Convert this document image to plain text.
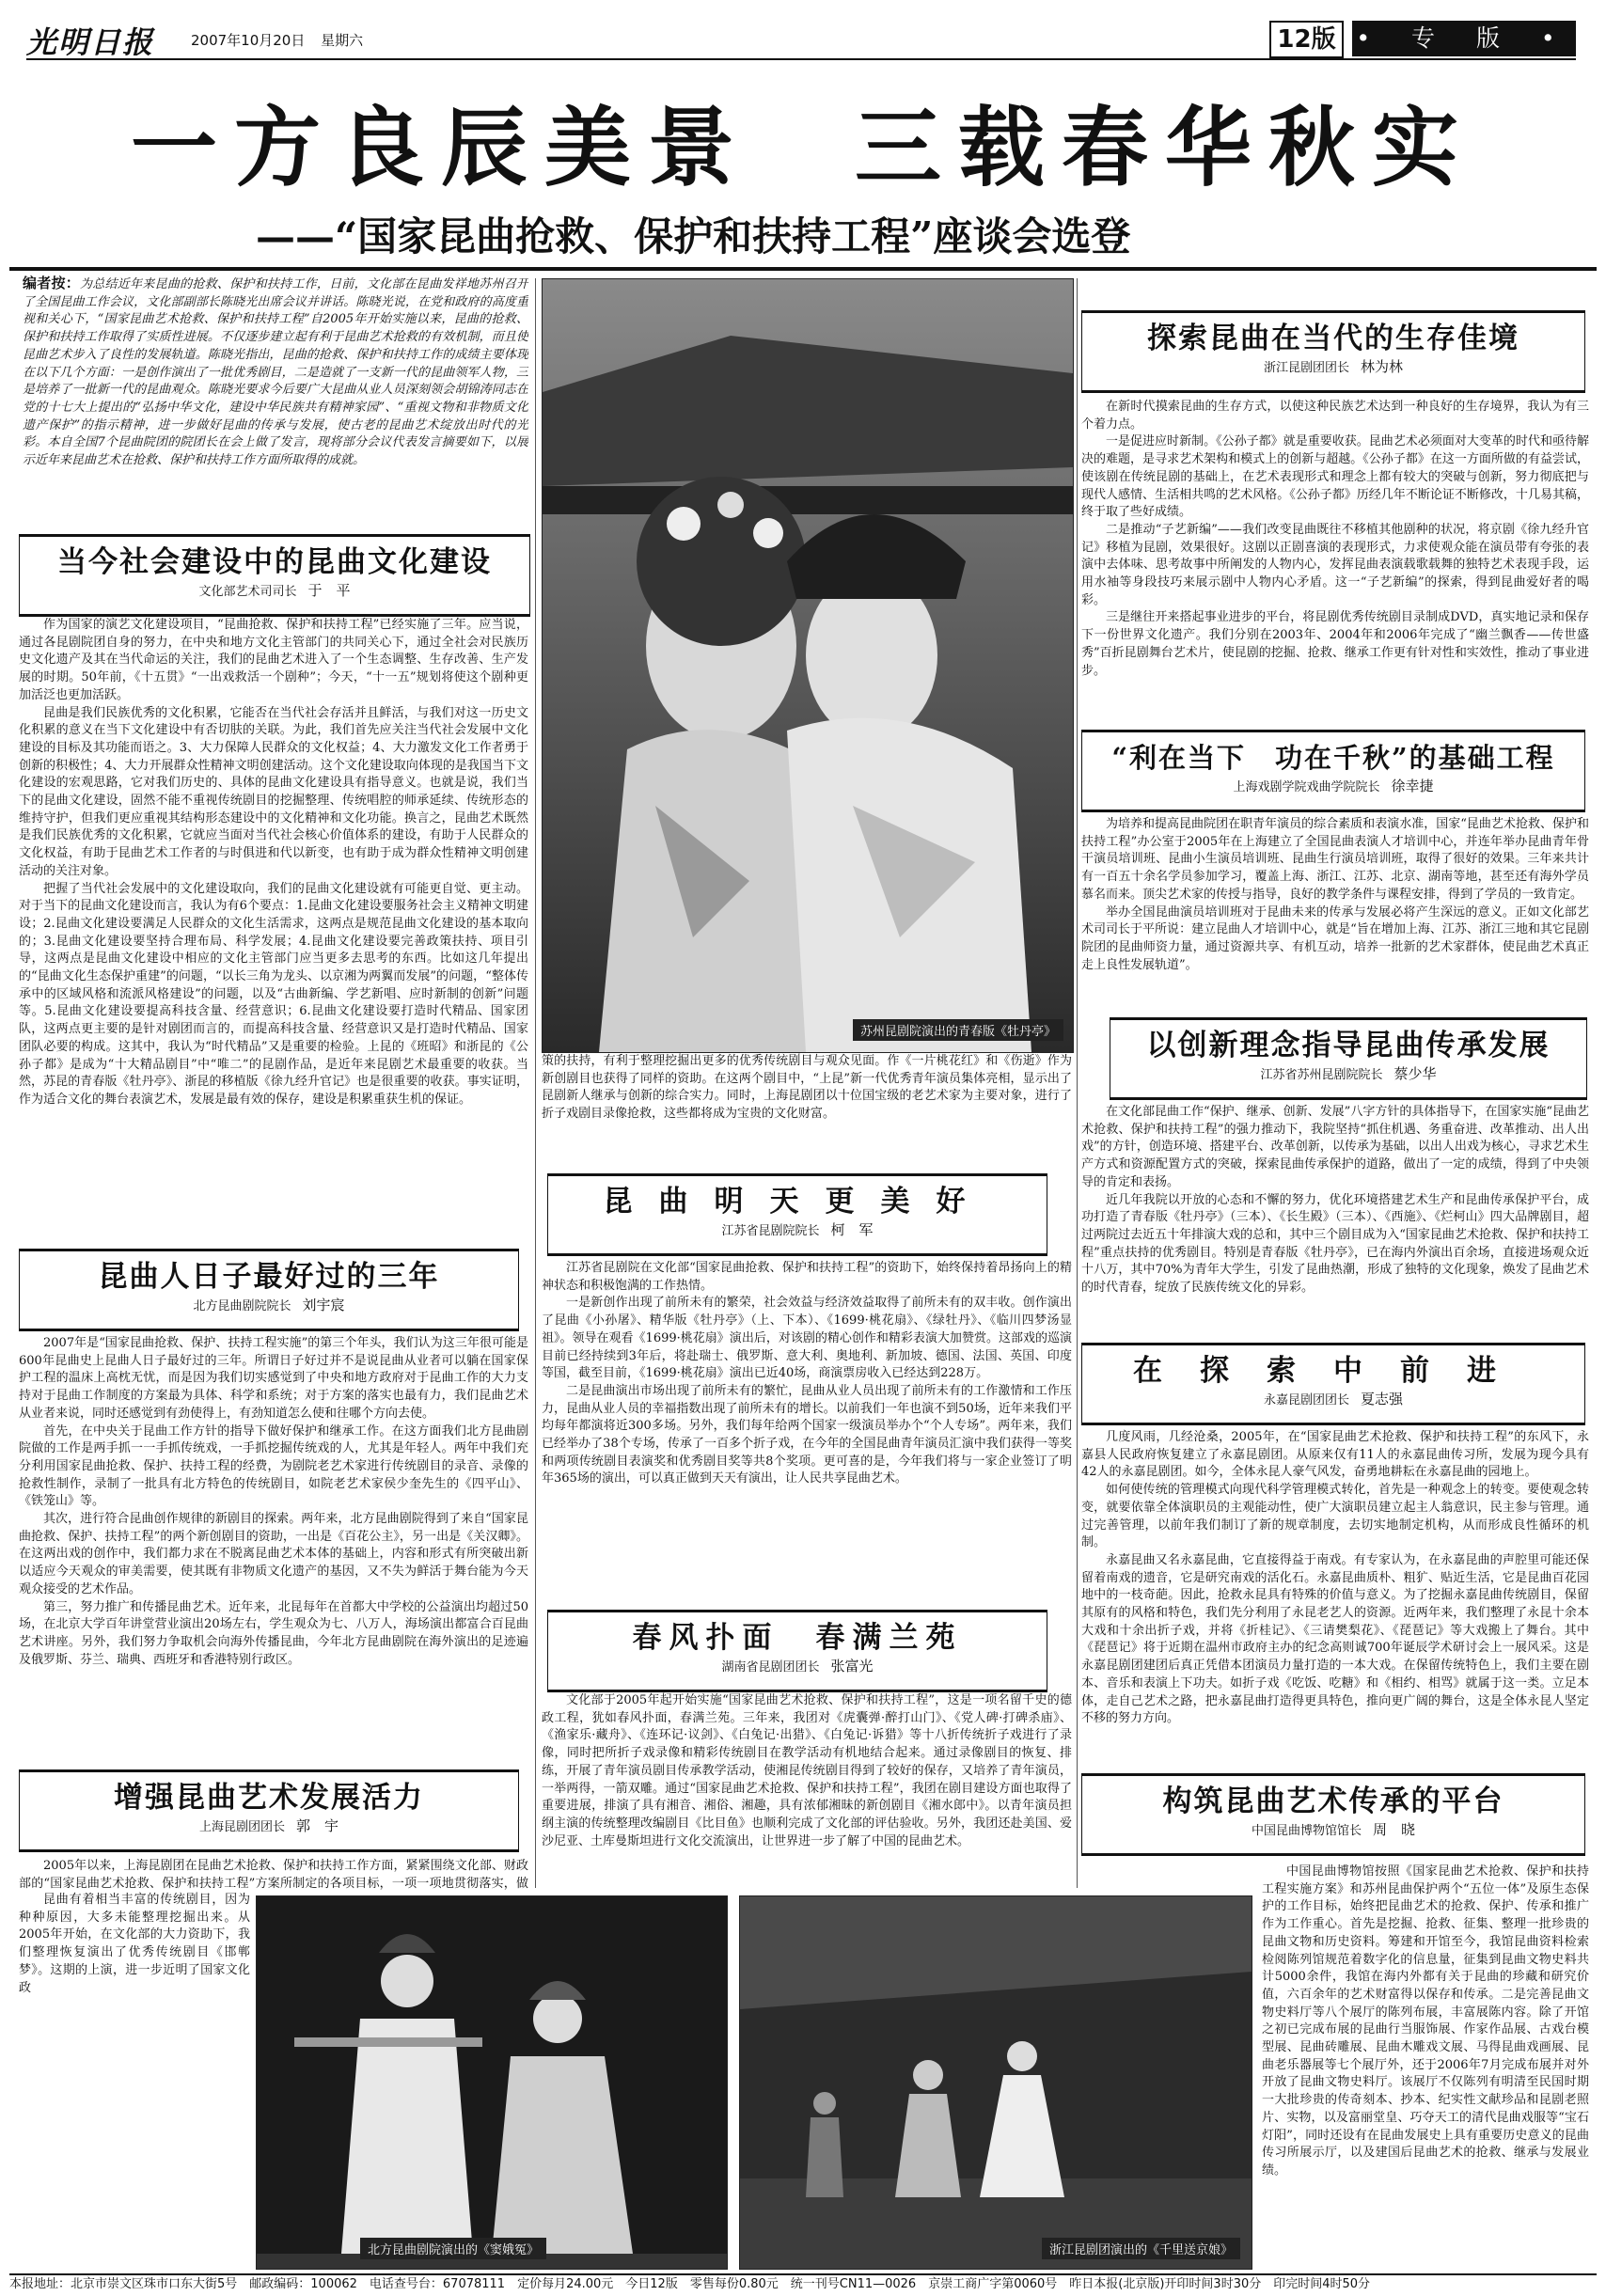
光明日报	2007年10月20日 星期六	12版 • 专 版 •
一方良辰美景　三载春华秋实
——“国家昆曲抢救、保护和扶持工程”座谈会选登
编者按：为总结近年来昆曲的抢救、保护和扶持工作，日前，文化部在昆曲发祥地苏州召开了全国昆曲工作会议，文化部副部长陈晓光出席会议并讲话。陈晓光说，在党和政府的高度重视和关心下，“国家昆曲艺术抢救、保护和扶持工程”自2005年开始实施以来，昆曲的抢救、保护和扶持工作取得了实质性进展。不仅逐步建立起有利于昆曲艺术抢救的有效机制，而且使昆曲艺术步入了良性的发展轨道。陈晓光指出，昆曲的抢救、保护和扶持工作的成绩主要体现在以下几个方面：一是创作演出了一批优秀剧目，二是造就了一支新一代的昆曲领军人物，三是培养了一批新一代的昆曲观众。陈晓光要求今后要广大昆曲从业人员深刻领会胡锦涛同志在党的十七大上提出的“弘扬中华文化，建设中华民族共有精神家园”、“重视文物和非物质文化遗产保护”的指示精神，进一步做好昆曲的传承与发展，使古老的昆曲艺术绽放出时代的光彩。本自全国7个昆曲院团的院团长在会上做了发言，现将部分会议代表发言摘要如下，以展示近年来昆曲艺术在抢救、保护和扶持工作方面所取得的成就。
当今社会建设中的昆曲文化建设
文化部艺术司司长 于　平

作为国家的演艺文化建设项目，“昆曲抢救、保护和扶持工程”已经实施了三年。应当说，通过各昆剧院团自身的努力，在中央和地方文化主管部门的共同关心下，通过全社会对民族历史文化遗产及其在当代命运的关注，我们的昆曲艺术进入了一个生态调整、生存改善、生产发展的时期。50年前，《十五贯》“一出戏救活一个剧种”；今天，“十一五”规划将使这个剧种更加活泛也更加活跃。

昆曲是我们民族优秀的文化积累，它能否在当代社会存活并且鲜活，与我们对这一历史文化积累的意义在当下文化建设中有否切肤的关联。为此，我们首先应关注当代社会发展中文化建设的目标及其功能而语之。3、大力保障人民群众的文化权益；4、大力激发文化工作者勇于创新的积极性；4、大力开展群众性精神文明创建活动。这个文化建设取向体现的是我国当下文化建设的宏观思路，它对我们历史的、具体的昆曲文化建设具有指导意义。也就是说，我们当下的昆曲文化建设，固然不能不重视传统剧目的挖掘整理、传统唱腔的师承延续、传统形态的维持守护，但我们更应重视其结构形态建设中的文化精神和文化功能。换言之，昆曲艺术既然是我们民族优秀的文化积累，它就应当面对当代社会核心价值体系的建设，有助于人民群众的文化权益，有助于昆曲艺术工作者的与时俱进和代以新变，也有助于成为群众性精神文明创建活动的关注对象。

把握了当代社会发展中的文化建设取向，我们的昆曲文化建设就有可能更自觉、更主动。对于当下的昆曲文化建设而言，我认为有6个要点：1.昆曲文化建设要服务社会主义精神文明建设；2.昆曲文化建设要满足人民群众的文化生活需求，这两点是规范昆曲文化建设的基本取向的；3.昆曲文化建设要坚持合理布局、科学发展；4.昆曲文化建设要完善政策扶持、项目引导，这两点是昆曲文化建设中相应的文化主管部门应当更多去思考的东西。比如这几年提出的“昆曲文化生态保护重建”的问题，“以长三角为龙头、以京湘为两翼而发展”的问题，“整体传承中的区域风格和流派风格建设”的问题，以及“古曲新编、学艺新唱、应时新制的创新”问题等。5.昆曲文化建设要提高科技含量、经营意识；6.昆曲文化建设要打造时代精品、国家团队，这两点更主要的是针对剧团而言的，而提高科技含量、经营意识又是打造时代精品、国家团队必要的构成。这其中，我认为“时代精品”又是重要的检验。上昆的《班昭》和浙昆的《公孙子都》是成为“十大精品剧目”中“唯二”的昆剧作品，是近年来昆剧艺术最重要的收获。当然，苏昆的青春版《牡丹亭》、浙昆的移植版《徐九经升官记》也是很重要的收获。事实证明，作为适合文化的舞台表演艺术，发展是最有效的保存，建设是积累重获生机的保证。

昆曲人日子最好过的三年
北方昆曲剧院院长 刘宇宸

2007年是“国家昆曲抢救、保护、扶持工程实施”的第三个年头，我们认为这三年很可能是600年昆曲史上昆曲人日子最好过的三年。所谓日子好过并不是说昆曲从业者可以躺在国家保护工程的温床上高枕无忧，而是因为我们切实感觉到了中央和地方政府对于昆曲工作的大力支持对于昆曲工作制度的方案最为具体、科学和系统；对于方案的落实也最有力，我们昆曲艺术从业者来说，同时还感觉到有劲使得上，有劲知道怎么使和往哪个方向去使。

首先，在中央关于昆曲工作方针的指导下做好保护和继承工作。在这方面我们北方昆曲剧院做的工作是两手抓一一手抓传统戏，一手抓挖掘传统戏的人，尤其是年轻人。两年中我们充分利用国家昆曲抢救、保护、扶持工程的经费，为剧院老艺术家进行传统剧目的录音、录像的抢救性制作，录制了一批具有北方特色的传统剧目，如院老艺术家侯少奎先生的《四平山》、《铁笼山》等。

其次，进行符合昆曲创作规律的新剧目的探索。两年来，北方昆曲剧院得到了来自“国家昆曲抢救、保护、扶持工程”的两个新创剧目的资助，一出是《百花公主》，另一出是《关汉卿》。在这两出戏的创作中，我们都力求在不脱离昆曲艺术本体的基础上，内容和形式有所突破出新以适应今天观众的审美需要，使其既有非物质文化遗产的基因，又不失为鲜活于舞台能为今天观众接受的艺术作品。

第三，努力推广和传播昆曲艺术。近年来，北昆每年在首都大中学校的公益演出均超过50场，在北京大学百年讲堂营业演出20场左右，学生观众为七、八万人，海场演出都富合百昆曲艺术讲座。另外，我们努力争取机会向海外传播昆曲，今年北方昆曲剧院在海外演出的足迹遍及俄罗斯、芬兰、瑞典、西班牙和香港特别行政区。

增强昆曲艺术发展活力
上海昆剧团团长 郭　宇

2005年以来，上海昆剧团在昆曲艺术抢救、保护和扶持工作方面，紧紧围绕文化部、财政部的“国家昆曲艺术抢救、保护和扶持工程”方案所制定的各项目标，一项一项地贯彻落实，做

昆曲有着相当丰富的传统剧目，因为种种原因，大多未能整理挖掘出来。从2005年开始，在文化部的大力资助下，我们整理恢复演出了优秀传统剧目《邯郸梦》。这期的上演，进一步近明了国家文化政

苏州昆剧院演出的青春版《牡丹亭》

策的扶持，有利于整理挖掘出更多的优秀传统剧目与观众见面。作《一片桃花红》和《伤逝》作为新创剧目也获得了同样的资助。在这两个剧目中，“上昆”新一代优秀青年演员集体亮相，显示出了昆剧新人继承与创新的综合实力。同时，上海昆剧团以十位国宝级的老艺术家为主要对象，进行了折子戏剧目录像抢救，这些都将成为宝贵的文化财富。

昆曲明天更美好
江苏省昆剧院院长 柯　军

江苏省昆剧院在文化部“国家昆曲抢救、保护和扶持工程”的资助下，始终保持着昂扬向上的精神状态和积极饱满的工作热情。

一是新创作出现了前所未有的繁荣，社会效益与经济效益取得了前所未有的双丰收。创作演出了昆曲《小孙屠》、精华版《牡丹亭》（上、下本）、《1699·桃花扇》、《绿牡丹》、《临川四梦汤显祖》。领导在观看《1699·桃花扇》演出后，对该剧的精心创作和精彩表演大加赞赏。这部戏的巡演目前已经持续到3年后，将赴瑞士、俄罗斯、意大利、奥地利、新加坡、德国、法国、英国、印度等国，截至目前，《1699·桃花扇》演出已近40场，商演票房收入已经达到228万。

二是昆曲演出市场出现了前所未有的繁忙，昆曲从业人员出现了前所未有的工作激情和工作压力，昆曲从业人员的幸福指数出现了前所未有的增长。以前我们一年也演不到50场，近年来我们平均每年都演将近300多场。另外，我们每年给两个国家一级演员举办个“个人专场”。两年来，我们已经举办了38个专场，传承了一百多个折子戏，在今年的全国昆曲青年演员汇演中我们获得一等奖和两项传统剧目表演奖和优秀剧目奖等共8个奖项。更可喜的是，今年我们将与一家企业签订了明年365场的演出，可以真正做到天天有演出，让人民共享昆曲艺术。

春风扑面　春满兰苑
湖南省昆剧团团长 张富光

文化部于2005年起开始实施“国家昆曲艺术抢救、保护和扶持工程”，这是一项名留千史的德政工程，犹如春风扑面，春满兰苑。三年来，我团对《虎囊弹·醉打山门》、《党人碑·打碑杀庙》、《渔家乐·藏舟》、《连环记·议剑》、《白兔记·出猎》、《白兔记·诉猎》等十八折传统折子戏进行了录像，同时把所折子戏录像和精彩传统剧目在教学活动有机地结合起来。通过录像剧目的恢复、排练，开展了青年演员剧目传承教学活动，使湘昆传统剧目得到了较好的保存，又培养了青年演员，一举两得，一箭双雕。通过“国家昆曲艺术抢救、保护和扶持工程”，我团在剧目建设方面也取得了重要进展，排演了具有湘音、湘俗、湘趣，具有浓郁湘昧的新创剧目《湘水郎中》。以青年演员担纲主演的传统整理改编剧目《比目鱼》也顺利完成了文化部的评估验收。另外，我团还赴美国、爱沙尼亚、土库曼斯坦进行文化交流演出，让世界进一步了解了中国的昆曲艺术。

北方昆曲剧院演出的《窦娥冤》	浙江昆剧团演出的《千里送京娘》
探索昆曲在当代的生存佳境
浙江昆剧团团长 林为林

在新时代摸索昆曲的生存方式，以使这种民族艺术达到一种良好的生存境界，我认为有三个着力点。

一是促进应时新制。《公孙子都》就是重要收获。昆曲艺术必须面对大变革的时代和亟待解决的难题，是寻求艺术架构和模式上的创新与超越。《公孙子都》在这一方面所做的有益尝试，使该剧在传统昆剧的基础上，在艺术表现形式和理念上都有较大的突破与创新，努力彻底把与现代人感情、生活相共鸣的艺术风格。《公孙子都》历经几年不断论证不断修改，十几易其稿，终于取了些好成绩。

二是推动“子艺新编”——我们改变昆曲既往不移植其他剧种的状况，将京剧《徐九经升官记》移植为昆剧，效果很好。这剧以正剧喜演的表现形式，力求使观众能在演员带有夸张的表演中去体味、思考故事中所阐发的人物内心，发挥昆曲表演载歌载舞的独特艺术表现手段，运用水袖等身段技巧来展示剧中人物内心矛盾。这一“子艺新编”的探索，得到昆曲爱好者的喝彩。

三是继往开来搭起事业进步的平台，将昆剧优秀传统剧目录制成DVD，真实地记录和保存下一份世界文化遗产。我们分别在2003年、2004年和2006年完成了“幽兰飘香——传世盛秀”百折昆剧舞台艺术片，使昆剧的挖掘、抢救、继承工作更有针对性和实效性，推动了事业进步。

“利在当下　功在千秋”的基础工程
上海戏剧学院戏曲学院院长 徐幸捷

为培养和提高昆曲院团在职青年演员的综合素质和表演水准，国家“昆曲艺术抢救、保护和扶持工程”办公室于2005年在上海建立了全国昆曲表演人才培训中心，并连年举办昆曲青年骨干演员培训班、昆曲小生演员培训班、昆曲生行演员培训班，取得了很好的效果。三年来共计有一百五十余名学员参加学习，覆盖上海、浙江、江苏、北京、湖南等地，甚至还有海外学员慕名而来。顶尖艺术家的传授与指导，良好的教学条件与课程安排，得到了学员的一致肯定。

举办全国昆曲演员培训班对于昆曲未来的传承与发展必将产生深远的意义。正如文化部艺术司司长于平所说：建立昆曲人才培训中心，就是“旨在增加上海、江苏、浙江三地和其它昆剧院团的昆曲师资力量，通过资源共享、有机互动，培养一批新的艺术家群体，使昆曲艺术真正走上良性发展轨道”。

以创新理念指导昆曲传承发展
江苏省苏州昆剧院院长 蔡少华

在文化部昆曲工作“保护、继承、创新、发展”八字方针的具体指导下，在国家实施“昆曲艺术抢救、保护和扶持工程”的强力推动下，我院坚持“抓住机遇、务重奋进、改革推动、出人出戏”的方针，创造环境、搭建平台、改革创新，以传承为基础，以出人出戏为核心，寻求艺术生产方式和资源配置方式的突破，探索昆曲传承保护的道路，做出了一定的成绩，得到了中央领导的肯定和表扬。

近几年我院以开放的心态和不懈的努力，优化环境搭建艺术生产和昆曲传承保护平台，成功打造了青春版《牡丹亭》（三本）、《长生殿》（三本）、《西施》、《烂柯山》四大品牌剧目，超过两院过去近五十年排演大戏的总和，其中三个剧目成为入“国家昆曲艺术抢救、保护和扶持工程”重点扶持的优秀剧目。特别是青春版《牡丹亭》，已在海内外演出百余场，直接进场观众近十八万，其中70%为青年大学生，引发了昆曲热潮，形成了独特的文化现象，焕发了昆曲艺术的时代青春，绽放了民族传统文化的异彩。

在探索中前进
永嘉昆剧团团长 夏志强

几度风雨，几经沧桑，2005年，在“国家昆曲艺术抢救、保护和扶持工程”的东风下，永嘉县人民政府恢复建立了永嘉昆剧团。从原来仅有11人的永嘉昆曲传习所，发展为现今具有42人的永嘉昆剧团。如今，全体永昆人豪气风发，奋勇地耕耘在永嘉昆曲的园地上。

如何使传统的管理模式向现代科学管理模式转化，首先是一种观念上的转变。要使观念转变，就要依靠全体演职员的主观能动性，使广大演职员建立起主人翁意识，民主参与管理。通过完善管理，以前年我们制订了新的规章制度，去切实地制定机构，从而形成良性循环的机制。

永嘉昆曲又名永嘉昆曲，它直接得益于南戏。有专家认为，在永嘉昆曲的声腔里可能还保留着南戏的遗音，它是研究南戏的活化石。永嘉昆曲质朴、粗犷、贴近生活，它是昆曲百花园地中的一枝奇葩。因此，抢救永昆具有特殊的价值与意义。为了挖掘永嘉昆曲传统剧目，保留其原有的风格和特色，我们先分利用了永昆老艺人的资源。近两年来，我们整理了永昆十余本大戏和十余出折子戏，并将《折桂记》、《三请樊梨花》、《琵琶记》等大戏搬上了舞台。其中《琵琶记》将于近期在温州市政府主办的纪念高则诚700年诞辰学术研讨会上一展风采。这是永嘉昆剧团建团后真正凭借本团演员力量打造的一本大戏。在保留传统特色上，我们主要在剧本、音乐和表演上下功夫。如折子戏《吃饭、吃糖》和《相约、相骂》就属于这一类。立足本体，走自己艺术之路，把永嘉昆曲打造得更具特色，推向更广阔的舞台，这是全体永昆人坚定不移的努力方向。

构筑昆曲艺术传承的平台
中国昆曲博物馆馆长 周　晓

中国昆曲博物馆按照《国家昆曲艺术抢救、保护和扶持工程实施方案》和苏州昆曲保护两个“五位一体”及原生态保护的工作目标，始终把昆曲艺术的抢救、保护、传承和推广作为工作重心。首先是挖掘、抢救、征集、整理一批珍贵的昆曲文物和历史资料。筹建和开馆至今，我馆昆曲资料检索检阅陈列馆规范着数字化的信息量，征集到昆曲文物史料共计5000余件，我馆在海内外都有关于昆曲的珍藏和研究价值，六百余年的艺术财富得以保存和传承。二是完善昆曲文物史料厅等八个展厅的陈列布展，丰富展陈内容。除了开馆之初已完成布展的昆曲行当服饰展、作家作品展、古戏台模型展、昆曲砖雕展、昆曲木雕戏文展、马得昆曲戏画展、昆曲老乐器展等七个展厅外，还于2006年7月完成布展并对外开放了昆曲文物史料厅。该展厅不仅陈列有明清至民国时期一大批珍贵的传奇刻本、抄本、纪实性文献珍品和昆剧老照片、实物，以及富丽堂皇、巧夺天工的清代昆曲戏服等“宝石灯阳”，同时还设有在昆曲发展史上具有重要历史意义的昆曲传习所展示厅，以及建国后昆曲艺术的抢救、继承与发展业绩。

本报地址：北京市崇文区珠市口东大街5号　邮政编码：100062　电话查号台：67078111　定价每月24.00元　今日12版　零售每份0.80元　统一刊号CN11—0026　京崇工商广字第0060号　昨日本报(北京版)开印时间3时30分　印完时间4时50分
